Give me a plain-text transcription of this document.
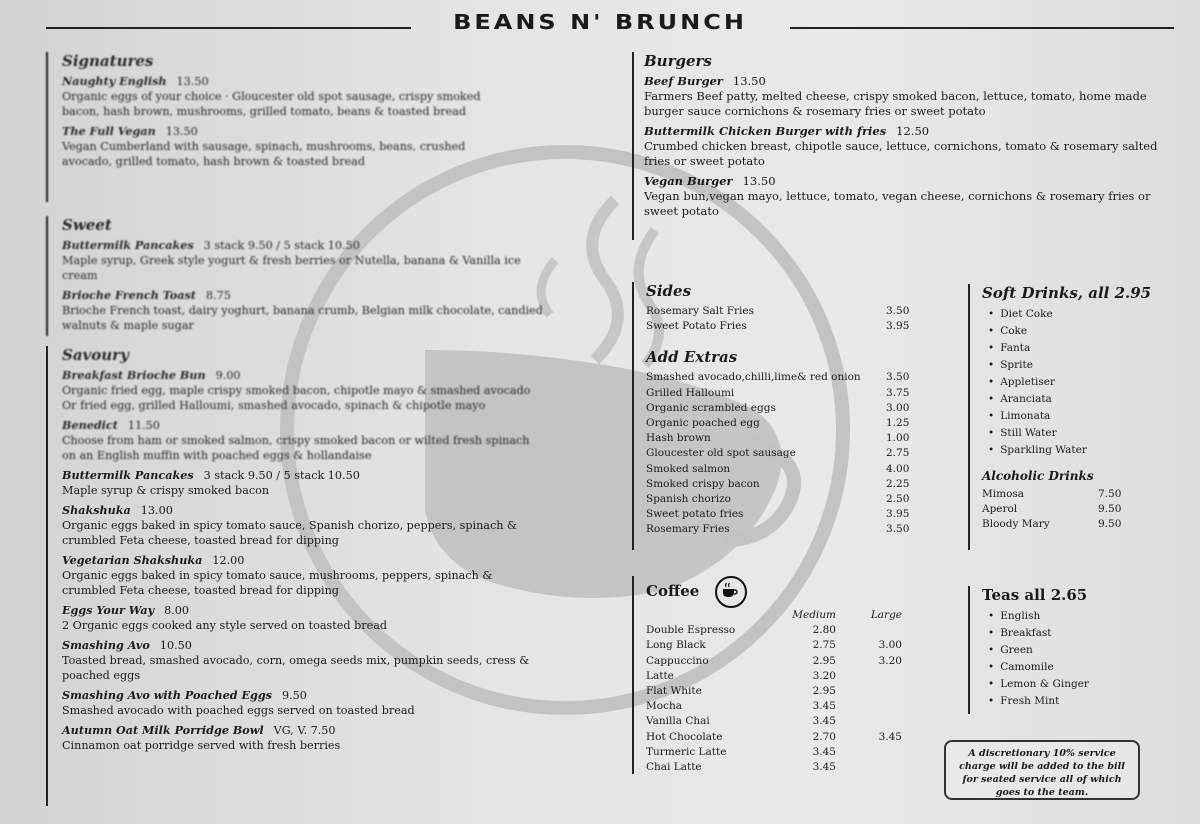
BEANS N' BRUNCH
Signatures
Naughty English 13.50
Organic eggs of your choice · Gloucester old spot sausage, crispy smoked bacon, hash brown, mushrooms, grilled tomato, beans & toasted bread
The Full Vegan 13.50
Vegan Cumberland with sausage, spinach, mushrooms, beans, crushed avocado, grilled tomato, hash brown & toasted bread
Sweet
Buttermilk Pancakes 3 stack 9.50 / 5 stack 10.50
Maple syrup, Greek style yogurt & fresh berries or Nutella, banana & Vanilla ice cream
Brioche French Toast 8.75
Brioche French toast, dairy yoghurt, banana crumb, Belgian milk chocolate, candied walnuts & maple sugar
Savoury
Breakfast Brioche Bun 9.00
Organic fried egg, maple crispy smoked bacon, chipotle mayo & smashed avocado Or fried egg, grilled Halloumi, smashed avocado, spinach & chipotle mayo
Benedict 11.50
Choose from ham or smoked salmon, crispy smoked bacon or wilted fresh spinach on an English muffin with poached eggs & hollandaise
Buttermilk Pancakes 3 stack 9.50 / 5 stack 10.50
Maple syrup & crispy smoked bacon
Shakshuka 13.00
Organic eggs baked in spicy tomato sauce, Spanish chorizo, peppers, spinach & crumbled Feta cheese, toasted bread for dipping
Vegetarian Shakshuka 12.00
Organic eggs baked in spicy tomato sauce, mushrooms, peppers, spinach & crumbled Feta cheese, toasted bread for dipping
Eggs Your Way 8.00
2 Organic eggs cooked any style served on toasted bread
Smashing Avo 10.50
Toasted bread, smashed avocado, corn, omega seeds mix, pumpkin seeds, cress & poached eggs
Smashing Avo with Poached Eggs 9.50
Smashed avocado with poached eggs served on toasted bread
Autumn Oat Milk Porridge Bowl VG, V. 7.50
Cinnamon oat porridge served with fresh berries
Burgers
Beef Burger 13.50
Farmers Beef patty, melted cheese, crispy smoked bacon, lettuce, tomato, home made burger sauce cornichons & rosemary fries or sweet potato
Buttermilk Chicken Burger with fries 12.50
Crumbed chicken breast, chipotle sauce, lettuce, cornichons, tomato & rosemary salted fries or sweet potato
Vegan Burger 13.50
Vegan bun,vegan mayo, lettuce, tomato, vegan cheese, cornichons & rosemary fries or sweet potato
Sides
Rosemary Salt Fries	3.50
Sweet Potato Fries	3.95
Add Extras
Smashed avocado,chilli,lime& red onion	3.50
Grilled Halloumi	3.75
Organic scrambled eggs	3.00
Organic poached egg	1.25
Hash brown	1.00
Gloucester old spot sausage	2.75
Smoked salmon	4.00
Smoked crispy bacon	2.25
Spanish chorizo	2.50
Sweet potato fries	3.95
Rosemary Fries	3.50
Coffee
	Medium	Large
Double Espresso	2.80	
Long Black	2.75	3.00
Cappuccino	2.95	3.20
Latte	3.20	
Flat White	2.95	
Mocha	3.45	
Vanilla Chai	3.45	
Hot Chocolate	2.70	3.45
Turmeric Latte	3.45	
Chai Latte	3.45	
Soft Drinks, all 2.95
• Diet Coke
• Coke
• Fanta
• Sprite
• Appletiser
• Aranciata
• Limonata
• Still Water
• Sparkling Water
Alcoholic Drinks
Mimosa	7.50
Aperol	9.50
Bloody Mary	9.50
Teas all 2.65
• English
• Breakfast
• Green
• Camomile
• Lemon & Ginger
• Fresh Mint
A discretionary 10% service charge will be added to the bill for seated service all of which goes to the team.
